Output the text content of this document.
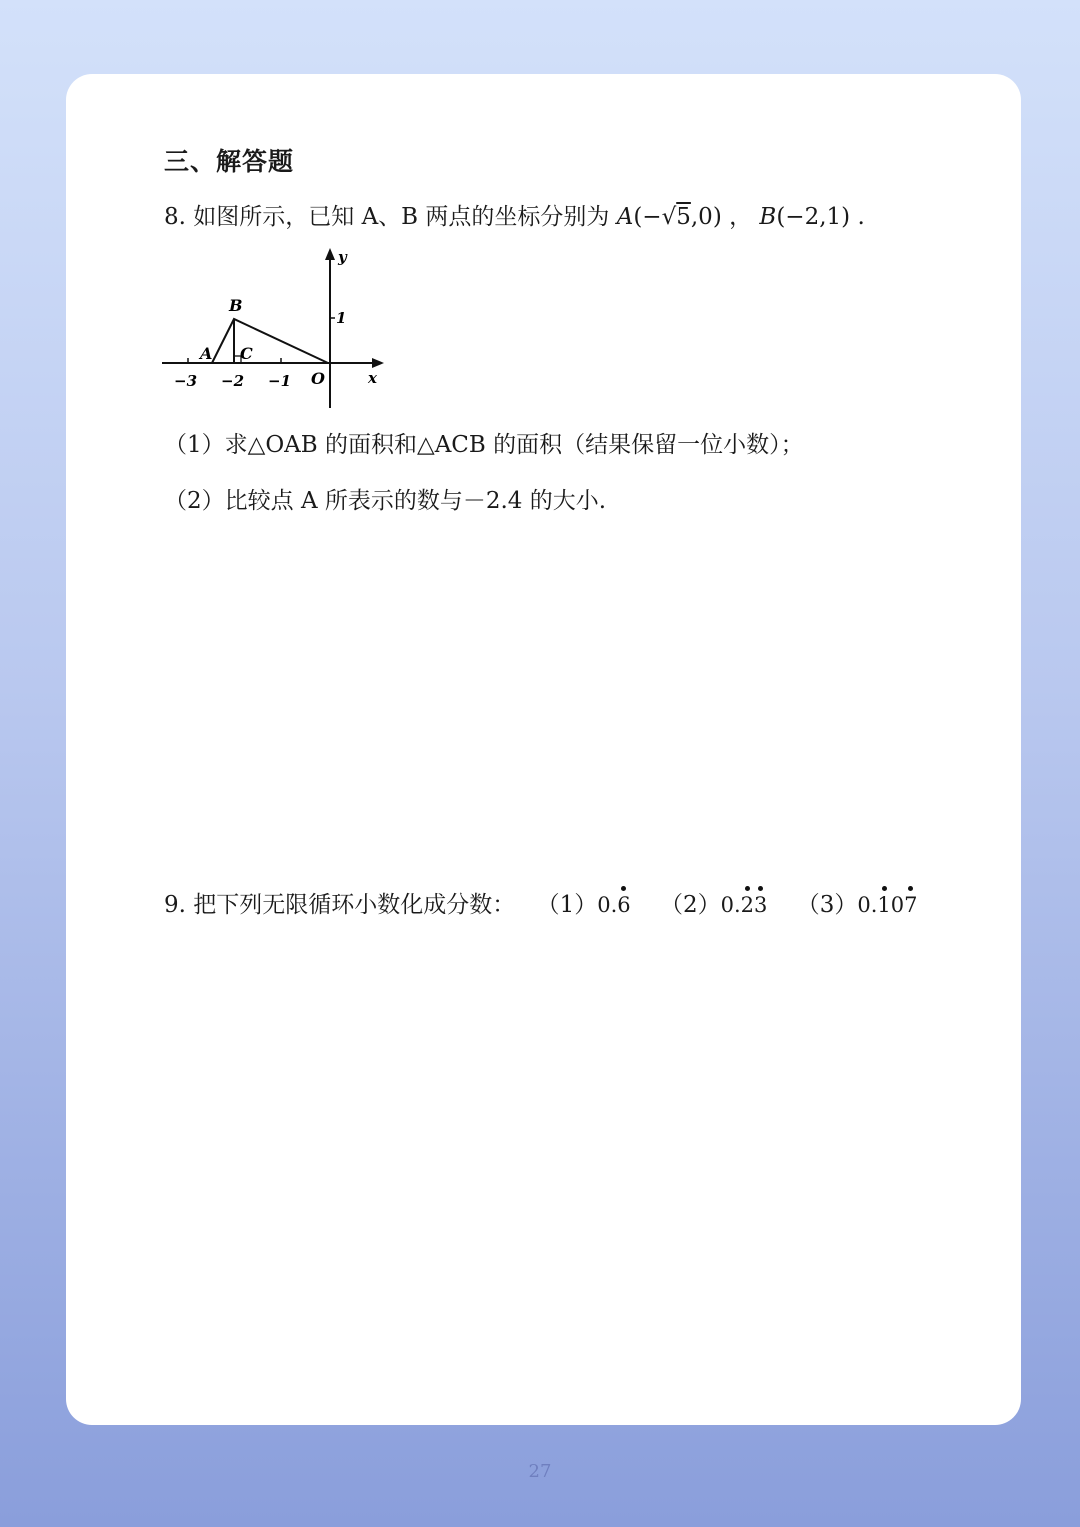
三、解答题
8. 如图所示，已知 A、B 两点的坐标分别为 A(−√5,0) ， B(−2,1) .
B
A C
O	x
y
−3 −2 −1
1
（1）求△OAB 的面积和△ACB 的面积（结果保留一位小数）；
（2）比较点 A 所表示的数与－2.4 的大小.
9. 把下列无限循环小数化成分数： （1）0.6 （2）0.23 （3）0.107
27
